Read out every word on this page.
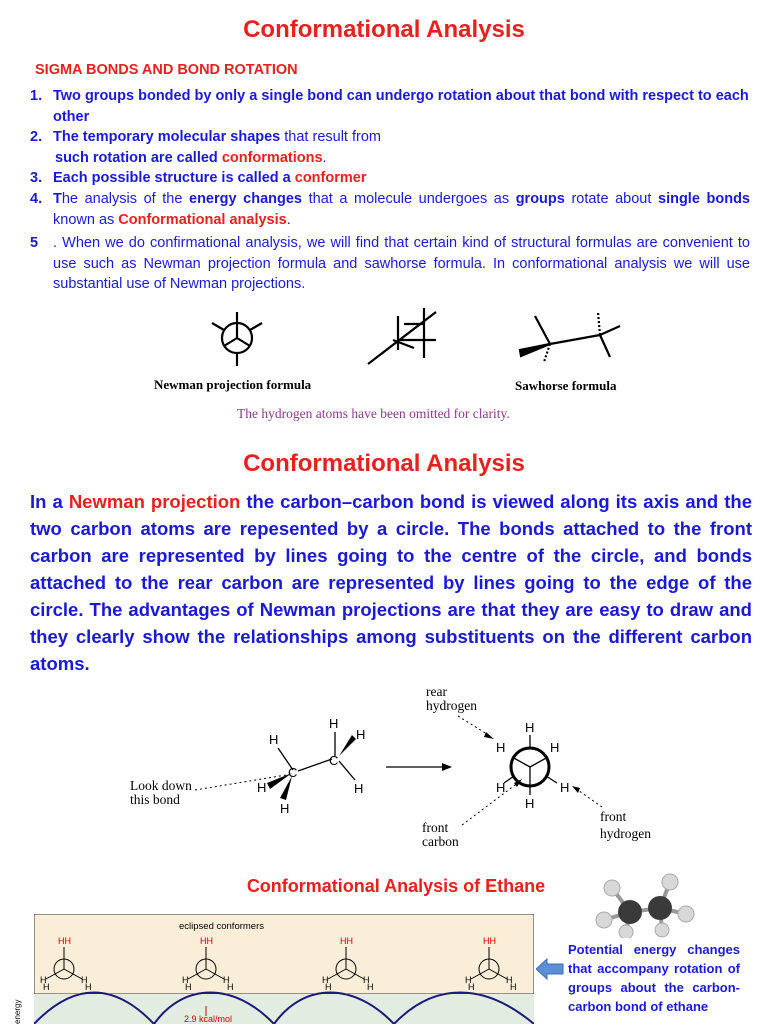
Conformational Analysis
SIGMA BONDS AND BOND ROTATION
1. Two groups bonded by only a single bond can undergo rotation about that bond with respect to each other
2. The temporary molecular shapes that result from
such rotation are called conformations.
3. Each possible structure is called a conformer
4. The analysis of the energy changes that a molecule undergoes as groups rotate about single bonds known as Conformational analysis.
5	. When we do confirmational analysis, we will find that certain kind of structural formulas are convenient to use such as Newman projection formula and sawhorse formula. In conformational analysis we will use substantial use of Newman projections.
Newman projection formula	Sawhorse formula
The hydrogen atoms have been omitted for clarity.
Conformational Analysis
In a Newman projection the carbon–carbon bond is viewed along its axis and the two carbon atoms are repesented by a circle. The bonds attached to the front carbon are represented by lines going to the centre of the circle, and bonds attached to the rear carbon are represented by lines going to the edge of the circle. The advantages of Newman projections are that they are easy to draw and they clearly show the relationships among substituents on the different carbon atoms.
H
C
H
H
C
H
H
H
Look down
this bond
H
H	H
H	H
H
rear
hydrogen
front
carbon
front
hydrogen
Conformational Analysis of Ethane
eclipsed conformers
HH
H	H
H
H
HH
H	H
H
H
HH
H	H
H
H
HH
H	H
H
H
2.9 kcal/mol
energy
Potential energy changes that accompany rotation of groups about the carbon-carbon bond of ethane
